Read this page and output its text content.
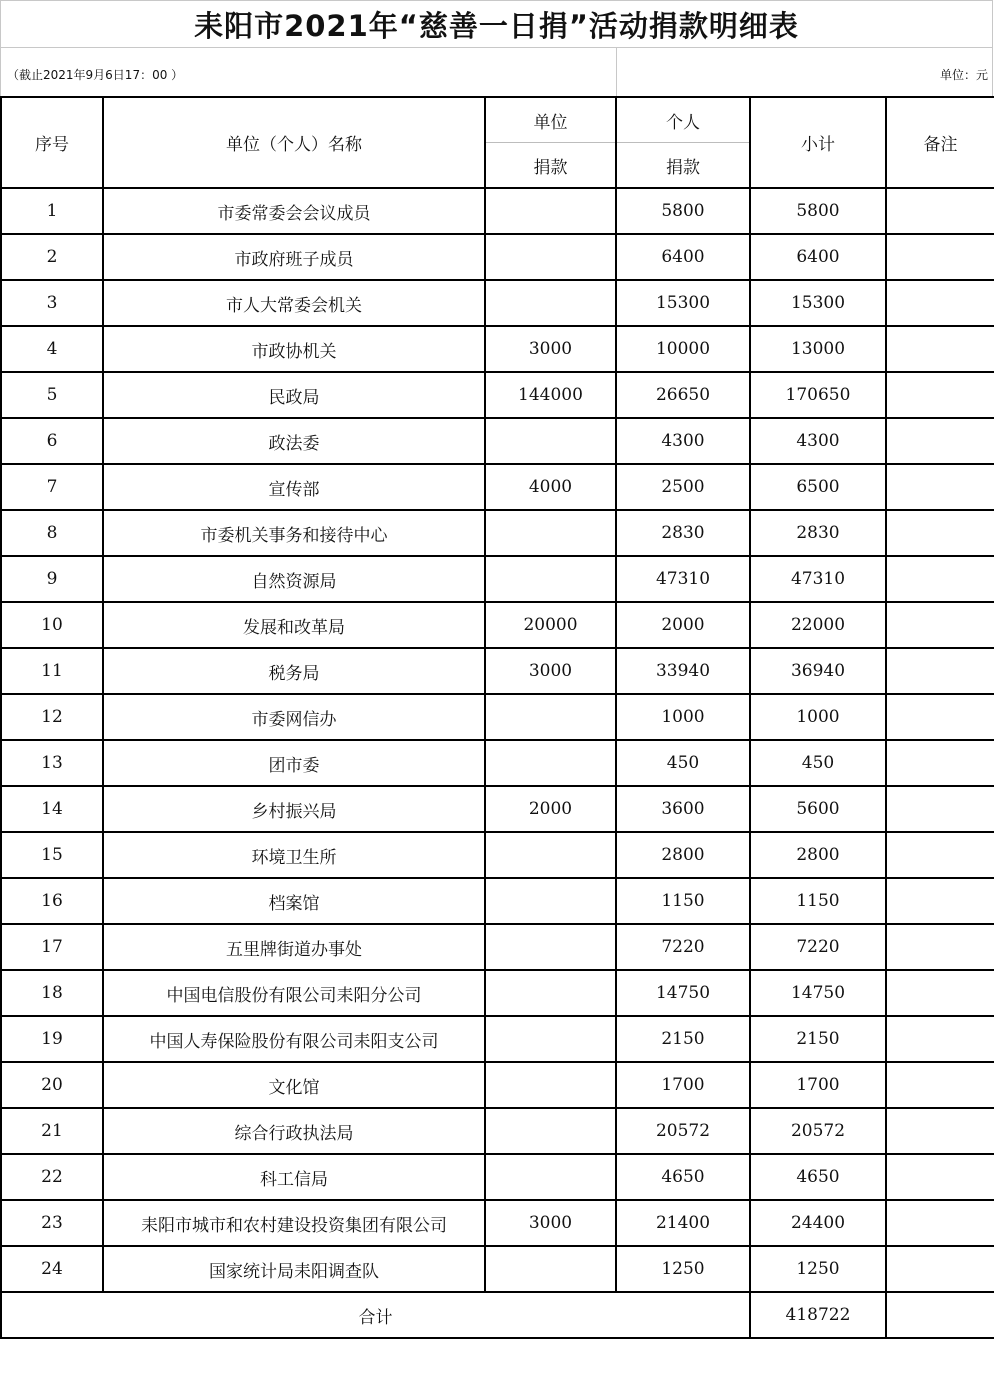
耒阳市2021年“慈善一日捐”活动捐款明细表
（截止2021年9月6日17：00 ）	单位：元
序号	单位（个人）名称	单位	个人	小计	备注
		捐款	捐款		
1	市委常委会会议成员		5800	5800	
2	市政府班子成员		6400	6400	
3	市人大常委会机关		15300	15300	
4	市政协机关	3000	10000	13000	
5	民政局	144000	26650	170650	
6	政法委		4300	4300	
7	宣传部	4000	2500	6500	
8	市委机关事务和接待中心		2830	2830	
9	自然资源局		47310	47310	
10	发展和改革局	20000	2000	22000	
11	税务局	3000	33940	36940	
12	市委网信办		1000	1000	
13	团市委		450	450	
14	乡村振兴局	2000	3600	5600	
15	环境卫生所		2800	2800	
16	档案馆		1150	1150	
17	五里牌街道办事处		7220	7220	
18	中国电信股份有限公司耒阳分公司		14750	14750	
19	中国人寿保险股份有限公司耒阳支公司		2150	2150	
20	文化馆		1700	1700	
21	综合行政执法局		20572	20572	
22	科工信局		4650	4650	
23	耒阳市城市和农村建设投资集团有限公司	3000	21400	24400	
24	国家统计局耒阳调查队		1250	1250	
合计				418722	
